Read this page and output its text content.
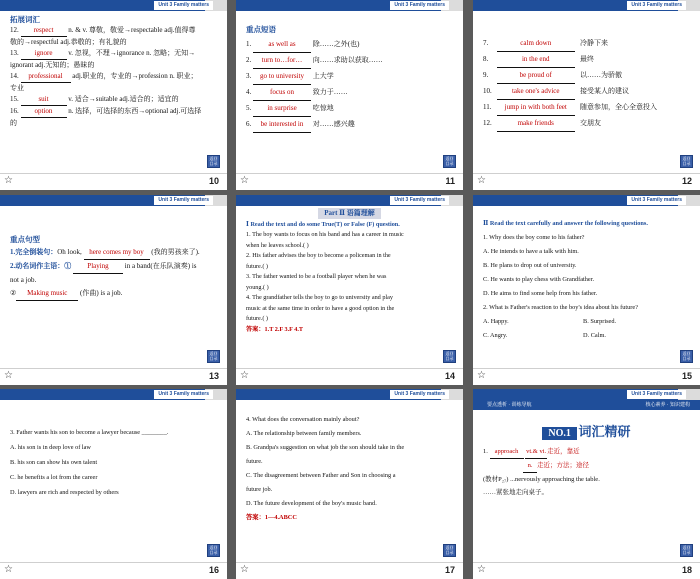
Unit 3 Family matters
拓展词汇
12. respect n. & v. 尊敬，敬爱→respectable adj.值得尊
敬的→respectful adj.恭敬的；有礼貌的
13. ignore v. 忽视，不理→ignorance n. 忽略；无知→
ignorant adj.无知的；愚昧的
14. professional adj.职业的，专业的→profession n. 职业；
专业
15.	suit	v. 适合→suitable adj.适合的；适宜的
16. option n. 选择，可选择的东西→optional adj.可选择
的
返回 目录
☆	10
Unit 3 Family matters
重点短语
1. as well as 除……之外(也)
2. turn to…for… 向……求助以获取……
3. go to university 上大学
4.	focus on	致力于……
5. in surprise 吃惊地
6. be interested in 对……感兴趣
返回 目录
☆	11
Unit 3 Family matters
7.	calm down	冷静下来
8.	in the end	最终
9.	be proud of	以……为骄傲
10.	take one's advice	接受某人的建议
11. jump in with both feet 随意参加，全心全意投入
12.	make friends	交朋友
返回 目录
☆	12
Unit 3 Family matters
重点句型
1.完全倒装句：Oh look, here comes my boy (我的男孩来了).
2.动名词作主语：① Playing in a band(在乐队演奏) is
not a job.
② Making music (作曲) is a job.
返回 目录
☆	13
Unit 3 Family matters
Part Ⅱ 语篇理解
Ⅰ Read the text and do some True(T) or False (F) question.
1. The boy wants to focus on his band and has a career in music
when he leaves school.( )
2. His father advises the boy to become a policeman in the
future.( )
3. The father wanted to be a football player when he was
young.( )
4. The grandfather tells the boy to go to university and play
music at the same time in order to have a good option in the
future.( )
答案：1.T 2.F 3.F 4.T
返回 目录
☆	14
Unit 3 Family matters
Ⅱ Read the text carefully and answer the following questions.
1. Why does the boy come to his father?
A. He intends to have a talk with him.
B. He plans to drop out of university.
C. He wants to play chess with Grandfather.
D. He aims to find some help from his father.
2. What is Father's reaction to the boy's idea about his future?
A. Happy.	B. Surprised.
C. Angry.	D. Calm.
返回 目录
☆	15
Unit 3 Family matters
3. Father wants his son to become a lawyer because ________.
A. his son is in deep love of law
B. his son can show his own talent
C. he benefits a lot from the career
D. lawyers are rich and respected by others
返回 目录
☆	16
Unit 3 Family matters
4. What does the conversation mainly about?
A. The relationship between family members.
B. Grandpa's suggestion on what job the son should take in the
future.
C. The disagreement between Father and Son in choosing a
future job.
D. The future development of the boy's music band.
答案：1—4.ABCC
返回 目录
☆	17
Unit 3 Family matters
要点透析 · 训练导航	核心素养 · 知识建构
NO.1 词汇精研
1. approach vt.& vi.走近，靠近
n. 走近；方法；途径
(教材P₂₇) ...nervously approaching the table.
……紧张地走向桌子。
返回 目录
☆	18
